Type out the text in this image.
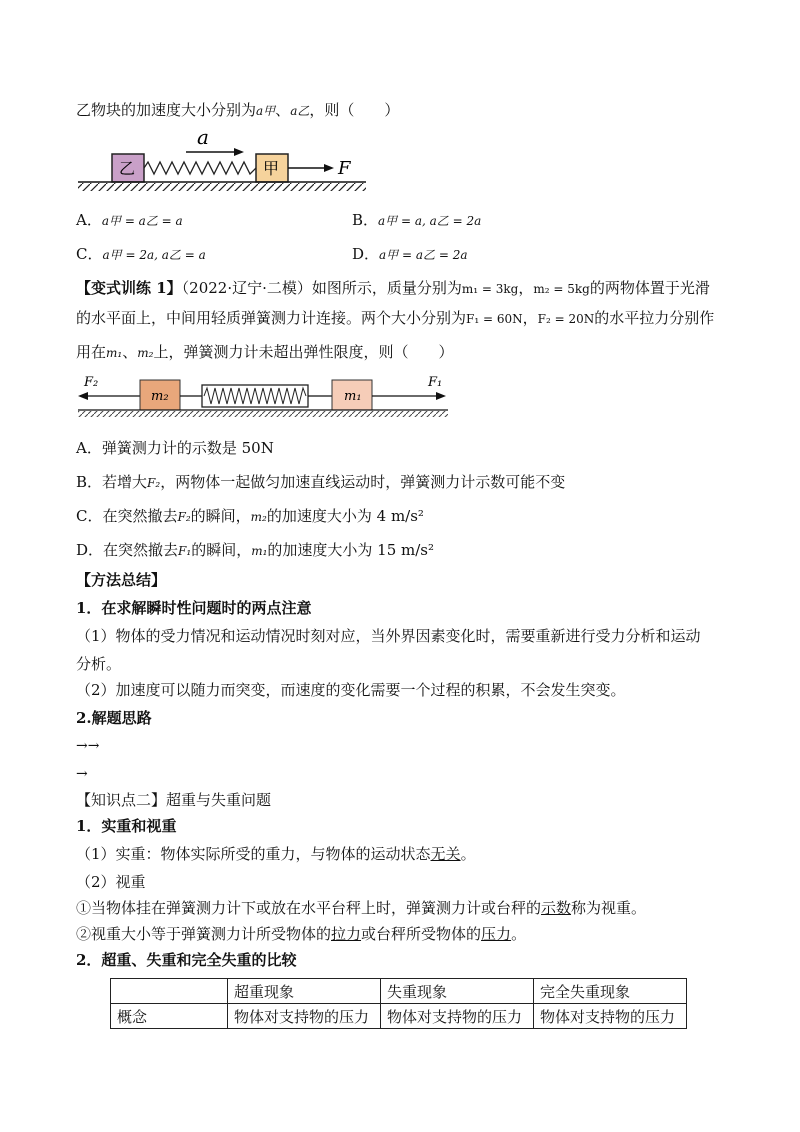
乙物块的加速度大小分别为a甲、a乙，则（　　）
a
乙	甲	F
A．a甲 = a乙 = a	B．a甲 = a, a乙 = 2a
C．a甲 = 2a, a乙 = a	D．a甲 = a乙 = 2a
【变式训练 1】（2022·辽宁·二模）如图所示，质量分别为m₁ = 3kg，m₂ = 5kg的两物体置于光滑
的水平面上，中间用轻质弹簧测力计连接。两个大小分别为F₁ = 60N，F₂ = 20N的水平拉力分别作
用在m₁、m₂上，弹簧测力计未超出弹性限度，则（　　）
F₂
m₂	m₁
F₁
A．弹簧测力计的示数是 50N
B．若增大F₂，两物体一起做匀加速直线运动时，弹簧测力计示数可能不变
C．在突然撤去F₂的瞬间，m₂的加速度大小为 4 m/s²
D．在突然撤去F₁的瞬间，m₁的加速度大小为 15 m/s²
【方法总结】
1．在求解瞬时性问题时的两点注意
（1）物体的受力情况和运动情况时刻对应，当外界因素变化时，需要重新进行受力分析和运动
分析。
（2）加速度可以随力而突变，而速度的变化需要一个过程的积累，不会发生突变。
2.解题思路
→→
→
【知识点二】超重与失重问题
1．实重和视重
（1）实重：物体实际所受的重力，与物体的运动状态无关。
（2）视重
①当物体挂在弹簧测力计下或放在水平台秤上时，弹簧测力计或台秤的示数称为视重。
②视重大小等于弹簧测力计所受物体的拉力或台秤所受物体的压力。
2．超重、失重和完全失重的比较
	超重现象	失重现象	完全失重现象
概念	物体对支持物的压力	物体对支持物的压力	物体对支持物的压力
